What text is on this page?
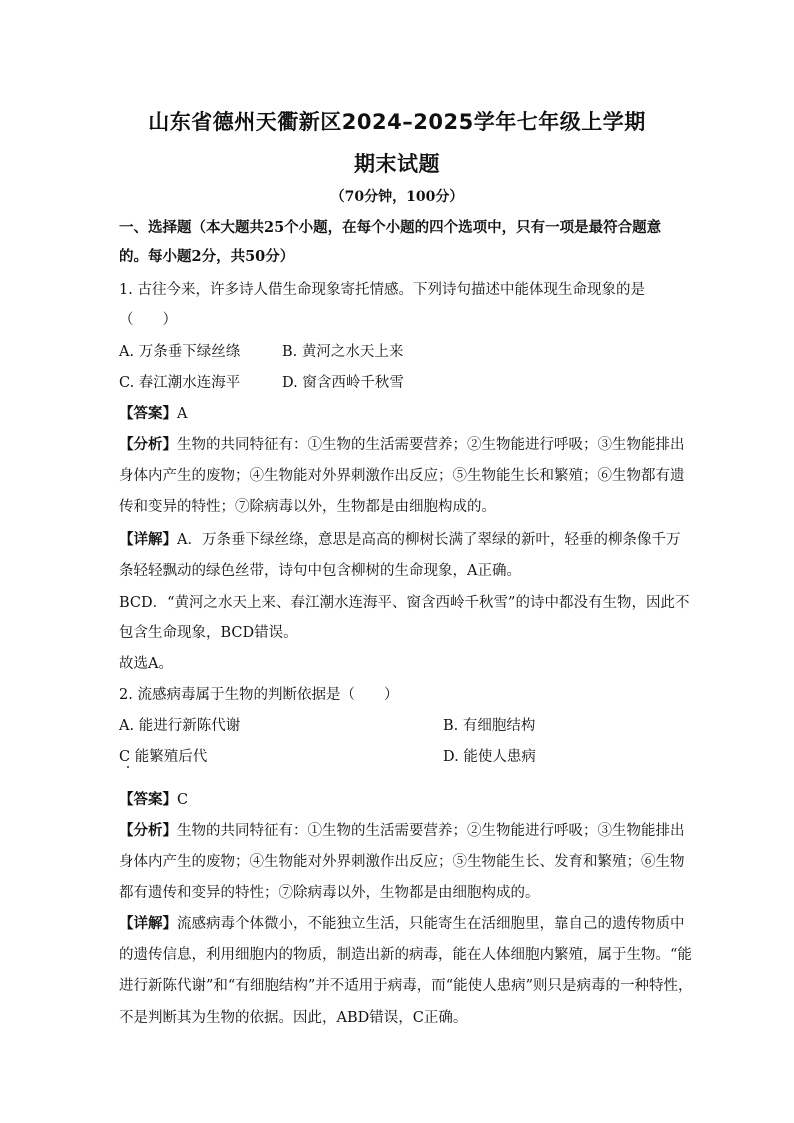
山东省德州天衢新区2024–2025学年七年级上学期
期末试题
（70分钟，100分）
一、选择题（本大题共25个小题，在每个小题的四个选项中，只有一项是最符合题意
的。每小题2分，共50分）
1. 古往今来，许多诗人借生命现象寄托情感。下列诗句描述中能体现生命现象的是
（　　）
A. 万条垂下绿丝绦	B. 黄河之水天上来
C. 春江潮水连海平	D. 窗含西岭千秋雪
【答案】A
【分析】生物的共同特征有：①生物的生活需要营养；②生物能进行呼吸；③生物能排出
身体内产生的废物；④生物能对外界刺激作出反应；⑤生物能生长和繁殖；⑥生物都有遗
传和变异的特性；⑦除病毒以外，生物都是由细胞构成的。
【详解】A．万条垂下绿丝绦，意思是高高的柳树长满了翠绿的新叶，轻垂的柳条像千万
条轻轻飘动的绿色丝带，诗句中包含柳树的生命现象，A正确。
BCD．“黄河之水天上来、春江潮水连海平、窗含西岭千秋雪”的诗中都没有生物，因此不
包含生命现象，BCD错误。
故选A。
2. 流感病毒属于生物的判断依据是（　　）
A. 能进行新陈代谢	B. 有细胞结构
C 能繁殖后代	D. 能使人患病
【答案】C
【分析】生物的共同特征有：①生物的生活需要营养；②生物能进行呼吸；③生物能排出
身体内产生的废物；④生物能对外界刺激作出反应；⑤生物能生长、发育和繁殖；⑥生物
都有遗传和变异的特性；⑦除病毒以外，生物都是由细胞构成的。
【详解】流感病毒个体微小，不能独立生活，只能寄生在活细胞里，靠自己的遗传物质中
的遗传信息，利用细胞内的物质，制造出新的病毒，能在人体细胞内繁殖，属于生物。“能
进行新陈代谢”和“有细胞结构”并不适用于病毒，而“能使人患病”则只是病毒的一种特性，
不是判断其为生物的依据。因此，ABD错误，C正确。
